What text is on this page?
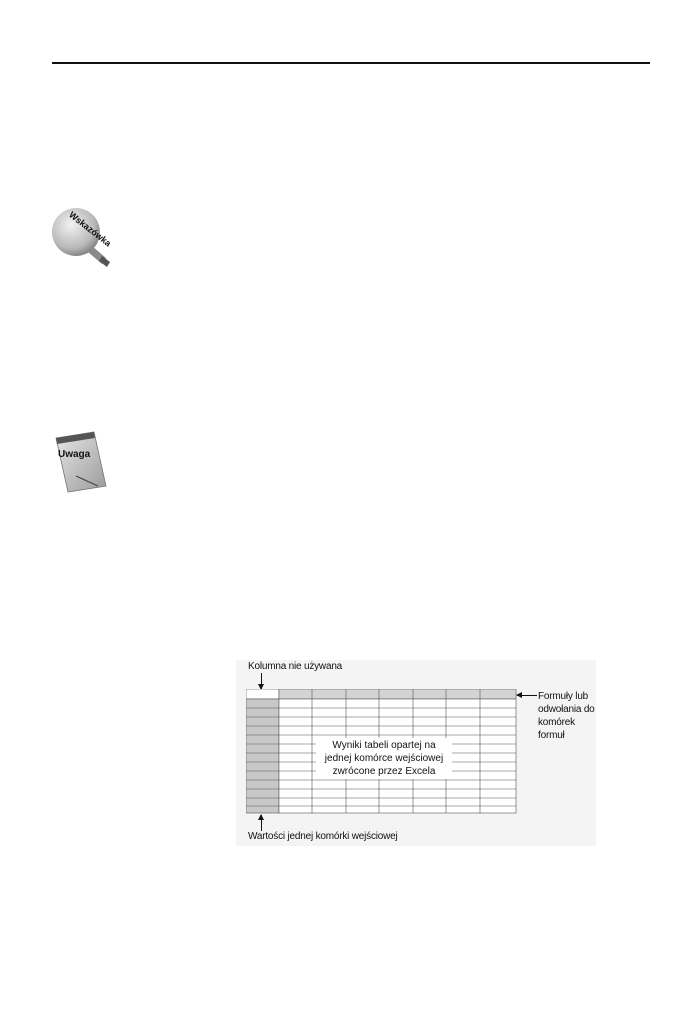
Wskazówka
Uwaga
Kolumna nie używana
Wyniki tabeli opartej na jednej komórce wejściowej zwrócone przez Excela
Formuły lub odwołania do komórek formuł
Wartości jednej komórki wejściowej
